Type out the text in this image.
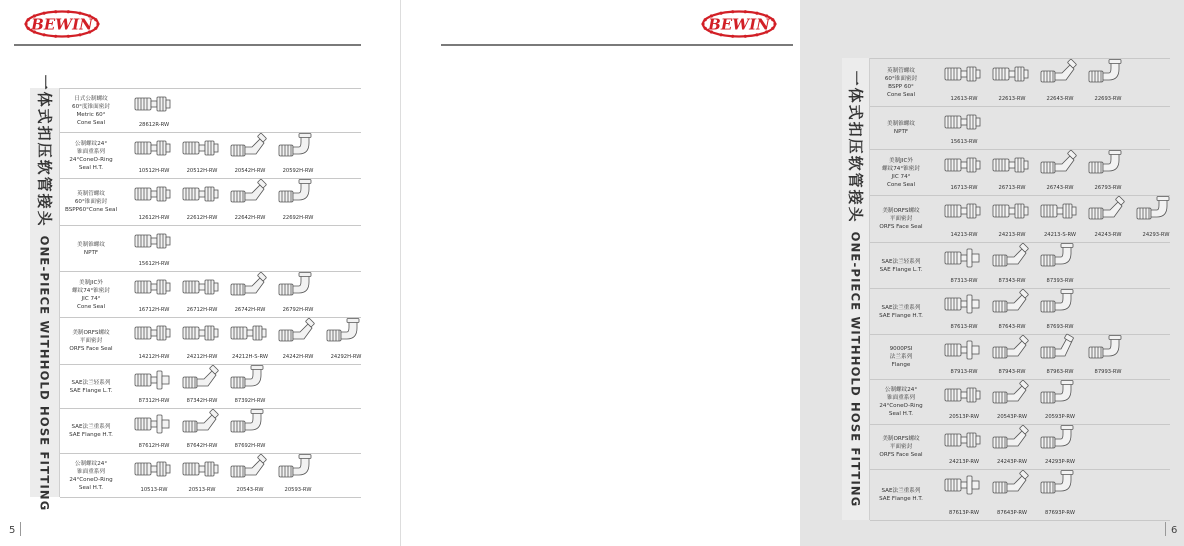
BEWIN
一体式扣压软管接头
ONE-PIECE WITHHOLD HOSE FITTING
日式公制螺纹
60°度锥面密封
Metric 60°
Cone Seal	28612R-RW
公制螺纹24°
锥面重系列
24°ConeO-Ring
Seal H.T.
10512H-RW	20512H-RW	20542H-RW	20592H-RW
英制管螺纹
60°锥面密封
BSPP60°Cone Seal
12612H-RW	22612H-RW	22642H-RW	22692H-RW
美制锥螺纹
NPTF
15612H-RW
美制JIC外
螺纹74°锥密封
JIC 74°
Cone Seal
16712H-RW	26712H-RW	26742H-RW	26792H-RW
美制ORFS螺纹
平面密封
ORFS Face Seal
14212H-RW	24212H-RW	24212H-S-RW	24242H-RW	24292H-RW
SAE法兰轻系列
SAE Flange L.T.
87312H-RW	87342H-RW	87392H-RW
SAE法兰重系列
SAE Flange H.T.
87612H-RW	87642H-RW	87692H-RW
公制螺纹24°
锥面重系列
24°ConeO-Ring
Seal H.T.	10513-RW	20513-RW	20543-RW	20593-RW
5
BEWIN
一体式扣压软管接头
ONE-PIECE WITHHOLD HOSE FITTING
英制管螺纹
60°锥面密封
BSPP 60°
Cone Seal
12613-RW	22613-RW	22643-RW	22693-RW
美制锥螺纹
NPTF
15613-RW
美制JIC外
螺纹74°锥密封
JIC 74°
Cone Seal
16713-RW	26713-RW	26743-RW	26793-RW
美制ORFS螺纹
平面密封
ORFS Face Seal
14213-RW	24213-RW	24213-S-RW	24243-RW	24293-RW
SAE法兰轻系列
SAE Flange L.T.
87313-RW	87343-RW	87393-RW
SAE法兰重系列
SAE Flange H.T.
87613-RW	87643-RW	87693-RW
9000PSI
法兰系列
Flange
87913-RW	87943-RW	87963-RW	87993-RW
公制螺纹24°
锥面重系列
24°ConeO-Ring
Seal H.T.	20513P-RW	20543P-RW	20593P-RW
美制ORFS螺纹
平面密封
ORFS Face Seal
24213P-RW	24243P-RW	24293P-RW
SAE法兰重系列
SAE Flange H.T.
87613P-RW	87643P-RW	87693P-RW
6
